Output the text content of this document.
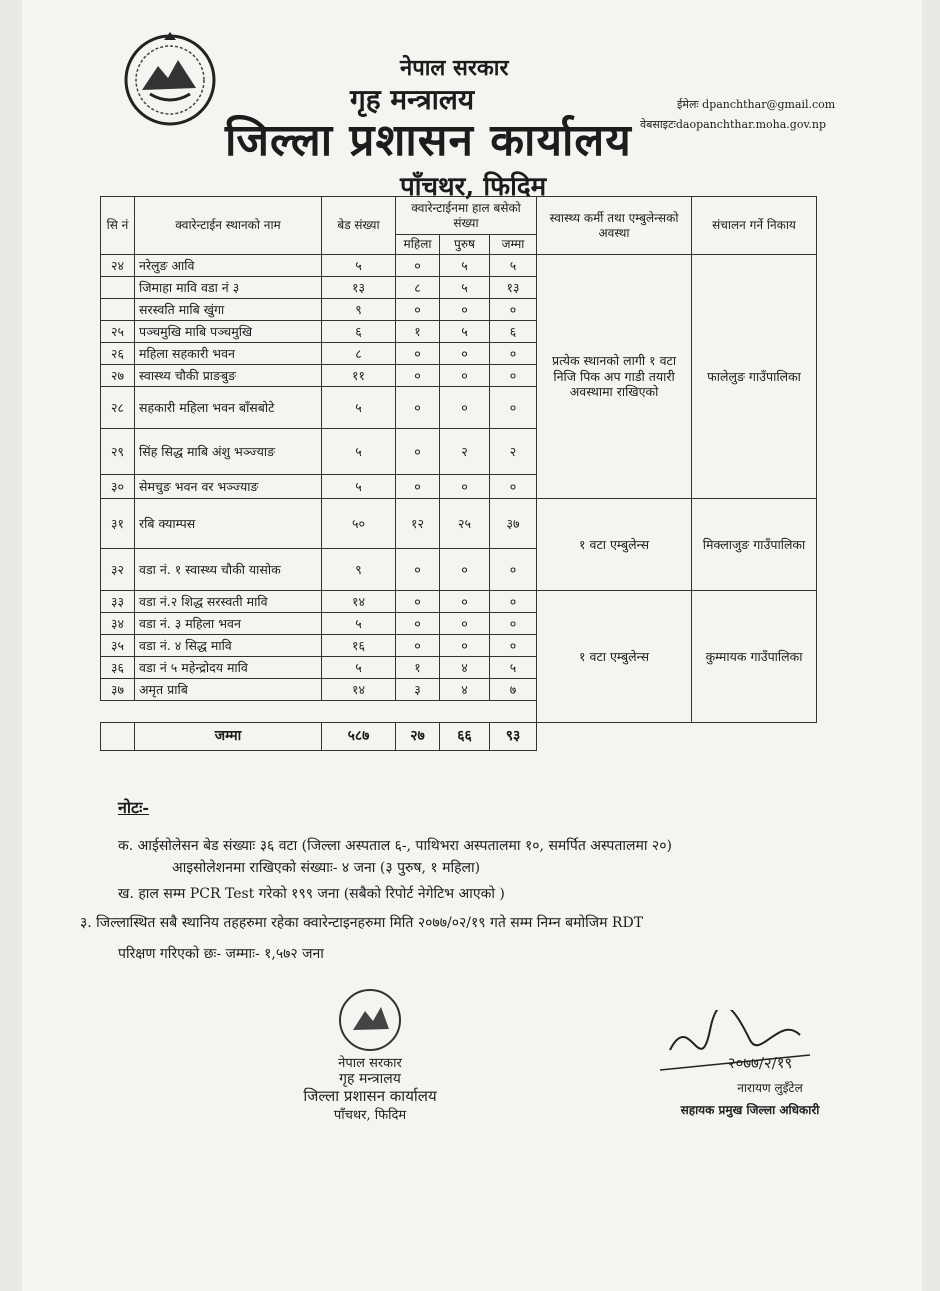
नेपाल सरकार
गृह मन्त्रालय
जिल्ला प्रशासन कार्यालय
पाँचथर, फिदिम
ईमेलः dpanchthar@gmail.com
वेबसाइटःdaopanchthar.moha.gov.np
सि नं	क्वारेन्टाईन स्थानको नाम	बेड संख्या	क्वारेन्टाईनमा हाल बसेको संख्या			स्वास्थ्य कर्मी तथा एम्बुलेन्सको अवस्था	संचालन गर्ने निकाय
			महिला	पुरुष	जम्मा		
२४	नरेलुङ आवि	५	०	५	५	प्रत्येक स्थानको लागी १ वटा निजि पिक अप गाडी तयारी अवस्थामा राखिएको	फालेलुङ गाउँपालिका
	जिमाहा मावि वडा नं ३	१३	८	५	१३		
	सरस्वति माबि खुंगा	९	०	०	०		
२५	पञ्चमुखि माबि पञ्चमुखि	६	१	५	६		
२६	महिला सहकारी भवन	८	०	०	०		
२७	स्वास्थ्य चौकी प्राङबुङ	११	०	०	०		
२८	सहकारी महिला भवन बाँसबोटे	५	०	०	०		
२९	सिंह सिद्ध माबि अंशु भञ्ज्याङ	५	०	२	२		
३०	सेमचुङ भवन वर भञ्ज्याङ	५	०	०	०		
३१	रबि क्याम्पस	५०	१२	२५	३७	१ वटा एम्बुलेन्स	मिक्लाजुङ गाउँपालिका
३२	वडा नं. १ स्वास्थ्य चौकी यासोक	९	०	०	०		
३३	वडा नं.२ शिद्ध सरस्वती मावि	१४	०	०	०	१ वटा एम्बुलेन्स	कुम्मायक गाउँपालिका
३४	वडा नं. ३ महिला भवन	५	०	०	०		
३५	वडा नं. ४ सिद्ध मावि	१६	०	०	०		
३६	वडा नं ५ महेन्द्रोदय मावि	५	१	४	५		
३७	अमृत प्राबि	१४	३	४	७		

	जम्मा	५८७	२७	६६	९३		
नोटः-
क. आईसोलेसन बेड संख्याः ३६ वटा (जिल्ला अस्पताल ६-, पाथिभरा अस्पतालमा १०, समर्पित अस्पतालमा २०)
आइसोलेशनमा राखिएको संख्याः- ४ जना (३ पुरुष, १ महिला)
ख. हाल सम्म PCR Test गरेको १९९ जना (सबैको रिपोर्ट नेगेटिभ आएको )
३. जिल्लास्थित सबै स्थानिय तहहरुमा रहेका क्वारेन्टाइनहरुमा मिति २०७७/०२/१९ गते सम्म निम्न बमोजिम RDT
परिक्षण गरिएको छः- जम्माः- १,५७२ जना
नेपाल सरकार
गृह मन्त्रालय
जिल्ला प्रशासन कार्यालय
पाँचथर, फिदिम
२०७७/२/१९
नारायण लुइँटेल
सहायक प्रमुख जिल्ला अधिकारी
